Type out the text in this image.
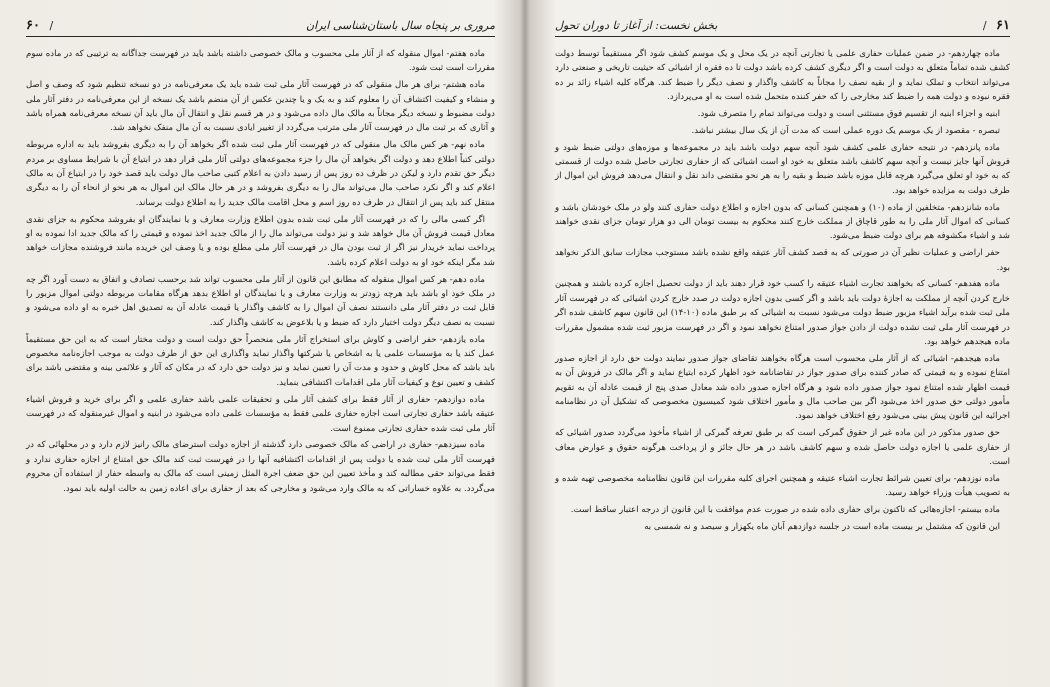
مروری بر پنجاه سال باستان‌شناسی ایران
/ ۶۰

ماده هفتم- اموال منقوله که از آثار ملی محسوب و مالک خصوصی داشته باشد باید در فهرست جداگانه به ترتیبی که در ماده سوم مقررات است ثبت شود.

ماده هشتم- برای هر مال منقولی که در فهرست آثار ملی ثبت شده باید یک معرفی‌نامه در دو نسخه تنظیم شود که وصف و اصل و منشاء و کیفیت اکتشاف آن را معلوم کند و به یک و یا چندین عکس از آن منضم باشد یک نسخه از این معرفی‌نامه در دفتر آثار ملی دولت مضبوط و نسخه دیگر مجاناً به مالک مال داده می‌شود و در هر قسم نقل و انتقال آن مال باید آن نسخه معرفی‌نامه همراه باشد و آثاری که بر ثبت مال در فهرست آثار ملی مترتب می‌گردد از تغییر ایادی نسبت به آن مال منفک نخواهد شد.

ماده نهم- هر کس مالک مال منقولی که در فهرست آثار ملی ثبت شده اگر بخواهد آن را به دیگری بفروشد باید به اداره مربوطه دولتی کتباً اطلاع دهد و دولت اگر بخواهد آن مال را جزء مجموعه‌های دولتی آثار ملی قرار دهد در ابتیاع آن با شرایط مساوی بر مردم دیگر حق تقدم دارد و لیکن در ظرف ده روز پس از رسید دادن به اعلام کتبی صاحب مال دولت باید قصد خود را در ابتیاع آن به مالک اعلام کند و اگر نکرد صاحب مال می‌تواند مال را به دیگری بفروشد و در هر حال مالک این اموال به هر نحو از انحاء آن را به دیگری منتقل کند باید پس از انتقال در ظرف ده روز اسم و محل اقامت مالک جدید را به اطلاع دولت برساند.

اگر کسی مالی را که در فهرست آثار ملی ثبت شده بدون اطلاع وزارت معارف و یا نمایندگان او بفروشد محکوم به جزای نقدی معادل قیمت فروش آن مال خواهد شد و نیز دولت می‌تواند مال را از مالک جدید اخذ نموده و قیمتی را که مالک جدید ادا نموده به او پرداخت نماید خریدار نیز اگر از ثبت بودن مال در فهرست آثار ملی مطلع بوده و یا وصف این خریده مانند فروشنده مجازات خواهد شد مگر اینکه خود او به دولت اعلام کرده باشد.

ماده دهم- هر کس اموال منقوله که مطابق این قانون از آثار ملی محسوب تواند شد برحسب تصادف و اتفاق به دست آورد اگر چه در ملک خود او باشد باید هرچه زودتر به وزارت معارف و یا نمایندگان او اطلاع بدهد هرگاه مقامات مربوطه دولتی اموال مزبور را قابل ثبت در دفتر آثار ملی دانستند نصف آن اموال را به کاشف واگذار یا قیمت عادله آن به تصدیق اهل خبره به او داده می‌شود و نسبت به نصف دیگر دولت اختیار دارد که ضبط و یا بلاعوض به کاشف واگذار کند.

ماده یازدهم- حفر اراضی و کاوش برای استخراج آثار ملی منحصراً حق دولت است و دولت مختار است که به این حق مستقیماً عمل کند یا به مؤسسات علمی یا به اشخاص یا شرکتها واگذار نماید واگذاری این حق از طرف دولت به موجب اجازه‌نامه مخصوص باید باشد که محل کاوش و حدود و مدت آن را تعیین نماید و نیز دولت حق دارد که در مکان که آثار و علائمی بینه و مقتضی باشد برای کشف و تعیین نوع و کیفیات آثار ملی اقدامات اکتشافی بنماید.

ماده دوازدهم- حفاری از آثار فقط برای کشف آثار ملی و تحقیقات علمی باشد حفاری علمی و اگر برای خرید و فروش اشیاء عتیقه باشد حفاری تجارتی است اجازه حفاری علمی فقط به مؤسسات علمی داده می‌شود در ابنیه و اموال غیرمنقوله که در فهرست آثار ملی ثبت شده حفاری تجارتی ممنوع است.

ماده سیزدهم- حفاری در اراضی که مالک خصوصی دارد گذشته از اجازه دولت استرضای مالک رانیز لازم دارد و در محلهائی که در فهرست آثار ملی ثبت شده یا دولت پس از اقدامات اکتشافیه آنها را در فهرست ثبت کند مالک حق امتناع از اجازه حفاری ندارد و فقط می‌تواند حقی مطالبه کند و مأخذ تعیین این حق ضعف اجرة المثل زمینی است که مالک به واسطه حفار از استفاده آن محروم می‌گردد. به علاوه خساراتی که به مالک وارد می‌شود و مخارجی که بعد از حفاری برای اعاده زمین به حالت اولیه باید نمود.

۶۱ /
بخش نخست: از آغاز تا دوران تحول

ماده چهاردهم- در ضمن عملیات حفاری علمی یا تجارتی آنچه در یک محل و یک موسم کشف شود اگر مستقیماً توسط دولت کشف شده تماماً متعلق به دولت است و اگر دیگری کشف کرده باشد دولت تا ده فقره از اشیائی که حیثیت تاریخی و صنعتی دارد می‌تواند انتخاب و تملک نماید و از بقیه نصف را مجاناً به کاشف واگذار و نصف دیگر را ضبط کند. هرگاه کلیه اشیاء زائد بر ده فقره نبوده و دولت همه را ضبط کند مخارجی را که حفر کننده متحمل شده است به او می‌پردازد.

ابنیه و اجزاء ابنیه از تقسیم فوق مستثنی است و دولت می‌تواند تمام را متصرف شود.

تبصره - مقصود از یک موسم یک دوره عملی است که مدت آن از یک سال بیشتر نباشد.

ماده پانزدهم- در نتیجه حفاری علمی کشف شود آنچه سهم دولت باشد باید در مجموعه‌ها و موزه‌های دولتی ضبط شود و فروش آنها جایز نیست و آنچه سهم کاشف باشد متعلق به خود او است اشیائی که از حفاری تجارتی حاصل شده دولت از قسمتی که به خود او تعلق می‌گیرد هرچه قابل موزه باشد ضبط و بقیه را به هر نحو مقتضی داند نقل و انتقال می‌دهد فروش این اموال از طرف دولت به مزایده خواهد بود.

ماده شانزدهم- متخلفین از ماده (۱۰) و همچنین کسانی که بدون اجازه و اطلاع دولت حفاری کنند ولو در ملک خودشان باشد و کسانی که اموال آثار ملی را به طور قاچاق از مملکت خارج کنند محکوم به بیست تومان الی دو هزار تومان جزای نقدی خواهند شد و اشیاء مکشوفه هم برای دولت ضبط می‌شود.

حفر اراضی و عملیات نظیر آن در صورتی که به قصد کشف آثار عتیقه واقع نشده باشد مستوجب مجازات سابق الذکر نخواهد بود.

ماده هفدهم- کسانی که بخواهند تجارت اشیاء عتیقه را کسب خود قرار دهند باید از دولت تحصیل اجازه کرده باشند و همچنین خارج کردن آنچه از مملکت به اجازهٔ دولت باید باشد و اگر کسی بدون اجازه دولت در صدد خارج کردن اشیائی که در فهرست آثار ملی ثبت شده برآید اشیاء مزبور ضبط دولت می‌شود نسبت به اشیائی که بر طبق ماده (۱۰-۱۴) این قانون سهم کاشف شده اگر در فهرست آثار ملی ثبت نشده دولت از دادن جواز صدور امتناع نخواهد نمود و اگر در فهرست مزبور ثبت شده مشمول مقررات ماده هیجدهم خواهد بود.

ماده هیجدهم- اشیائی که از آثار ملی محسوب است هرگاه بخواهند تقاضای جواز صدور نمایند دولت حق دارد از اجازه صدور امتناع نموده و به قیمتی که صادر کننده برای صدور جواز در تقاضانامه خود اظهار کرده ابتیاع نماید و اگر مالک در فروش آن به قیمت اظهار شده امتناع نمود جواز صدور داده شود و هرگاه اجازه صدور داده شد معادل صدی پنج از قیمت عادله آن به تقویم مأمور دولتی حق صدور اخذ می‌شود اگر بین صاحب مال و مأمور اختلاف شود کمیسیون مخصوصی که تشکیل آن در نظامنامه اجرائیه این قانون پیش بینی می‌شود رفع اختلاف خواهد نمود.

حق صدور مذکور در این ماده غیر از حقوق گمرکی است که بر طبق تعرفه گمرکی از اشیاء مأخوذ می‌گردد صدور اشیائی که از حفاری علمی یا اجازه دولت حاصل شده و سهم کاشف باشد در هر حال جائز و از پرداخت هرگونه حقوق و عوارض معاف است.

ماده نوزدهم- برای تعیین شرائط تجارت اشیاء عتیقه و همچنین اجرای کلیه مقررات این قانون نظامنامه مخصوصی تهیه شده و به تصویب هیأت وزراء خواهد رسید.

ماده بیستم- اجازه‌هائی که تاکنون برای حفاری داده شده در صورت عدم موافقت با این قانون از درجه اعتبار ساقط است.

این قانون که مشتمل بر بیست ماده است در جلسه دوازدهم آبان ماه یکهزار و سیصد و نه شمسی به
